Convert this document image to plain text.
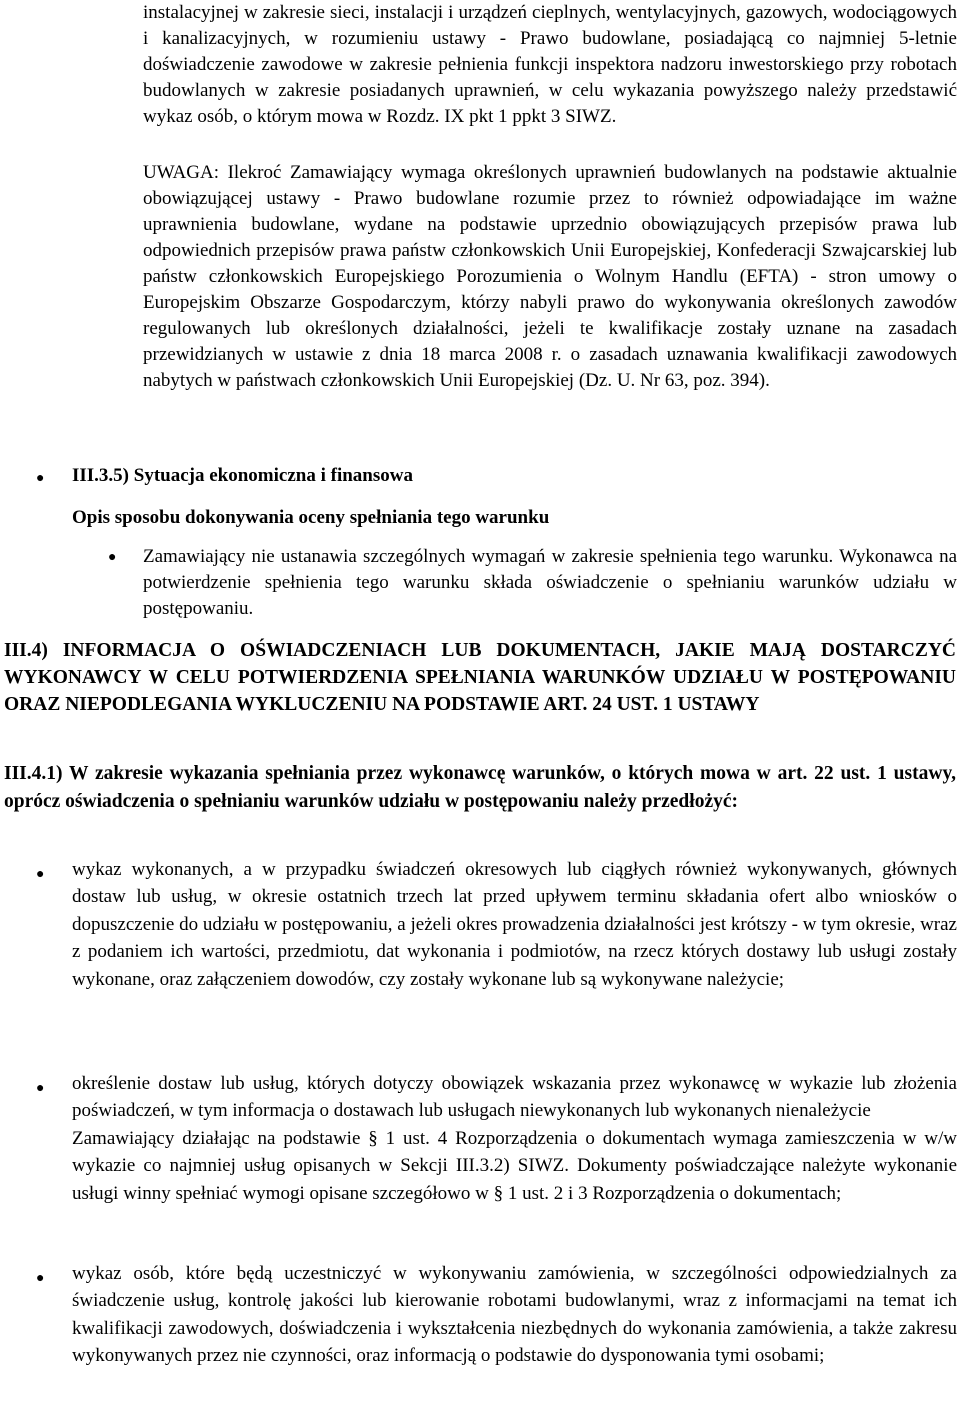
instalacyjnej w zakresie sieci, instalacji i urządzeń cieplnych, wentylacyjnych, gazowych, wodociągowych i kanalizacyjnych, w rozumieniu ustawy - Prawo budowlane, posiadającą co najmniej 5-letnie doświadczenie zawodowe w zakresie pełnienia funkcji inspektora nadzoru inwestorskiego przy robotach budowlanych w zakresie posiadanych uprawnień, w celu wykazania powyższego należy przedstawić wykaz osób, o którym mowa w Rozdz. IX pkt 1 ppkt 3 SIWZ.

UWAGA: Ilekroć Zamawiający wymaga określonych uprawnień budowlanych na podstawie aktualnie obowiązującej ustawy - Prawo budowlane rozumie przez to również odpowiadające im ważne uprawnienia budowlane, wydane na podstawie uprzednio obowiązujących przepisów prawa lub odpowiednich przepisów prawa państw członkowskich Unii Europejskiej, Konfederacji Szwajcarskiej lub państw członkowskich Europejskiego Porozumienia o Wolnym Handlu (EFTA) - stron umowy o Europejskim Obszarze Gospodarczym, którzy nabyli prawo do wykonywania określonych zawodów regulowanych lub określonych działalności, jeżeli te kwalifikacje zostały uznane na zasadach przewidzianych w ustawie z dnia 18 marca 2008 r. o zasadach uznawania kwalifikacji zawodowych nabytych w państwach członkowskich Unii Europejskiej (Dz. U. Nr 63, poz. 394).

● III.3.5) Sytuacja ekonomiczna i finansowa

Opis sposobu dokonywania oceny spełniania tego warunku

● Zamawiający nie ustanawia szczególnych wymagań w zakresie spełnienia tego warunku. Wykonawca na potwierdzenie spełnienia tego warunku składa oświadczenie o spełnianiu warunków udziału w postępowaniu.

III.4) INFORMACJA O OŚWIADCZENIACH LUB DOKUMENTACH, JAKIE MAJĄ DOSTARCZYĆ WYKONAWCY W CELU POTWIERDZENIA SPEŁNIANIA WARUNKÓW UDZIAŁU W POSTĘPOWANIU ORAZ NIEPODLEGANIA WYKLUCZENIU NA PODSTAWIE ART. 24 UST. 1 USTAWY

III.4.1) W zakresie wykazania spełniania przez wykonawcę warunków, o których mowa w art. 22 ust. 1 ustawy, oprócz oświadczenia o spełnianiu warunków udziału w postępowaniu należy przedłożyć:

● wykaz wykonanych, a w przypadku świadczeń okresowych lub ciągłych również wykonywanych, głównych dostaw lub usług, w okresie ostatnich trzech lat przed upływem terminu składania ofert albo wniosków o dopuszczenie do udziału w postępowaniu, a jeżeli okres prowadzenia działalności jest krótszy - w tym okresie, wraz z podaniem ich wartości, przedmiotu, dat wykonania i podmiotów, na rzecz których dostawy lub usługi zostały wykonane, oraz załączeniem dowodów, czy zostały wykonane lub są wykonywane należycie;

● określenie dostaw lub usług, których dotyczy obowiązek wskazania przez wykonawcę w wykazie lub złożenia poświadczeń, w tym informacja o dostawach lub usługach niewykonanych lub wykonanych nienależycie
Zamawiający działając na podstawie § 1 ust. 4 Rozporządzenia o dokumentach wymaga zamieszczenia w w/w wykazie co najmniej usług opisanych w Sekcji III.3.2) SIWZ. Dokumenty poświadczające należyte wykonanie usługi winny spełniać wymogi opisane szczegółowo w § 1 ust. 2 i 3 Rozporządzenia o dokumentach;
● wykaz osób, które będą uczestniczyć w wykonywaniu zamówienia, w szczególności odpowiedzialnych za świadczenie usług, kontrolę jakości lub kierowanie robotami budowlanymi, wraz z informacjami na temat ich kwalifikacji zawodowych, doświadczenia i wykształcenia niezbędnych do wykonania zamówienia, a także zakresu wykonywanych przez nie czynności, oraz informacją o podstawie do dysponowania tymi osobami;
